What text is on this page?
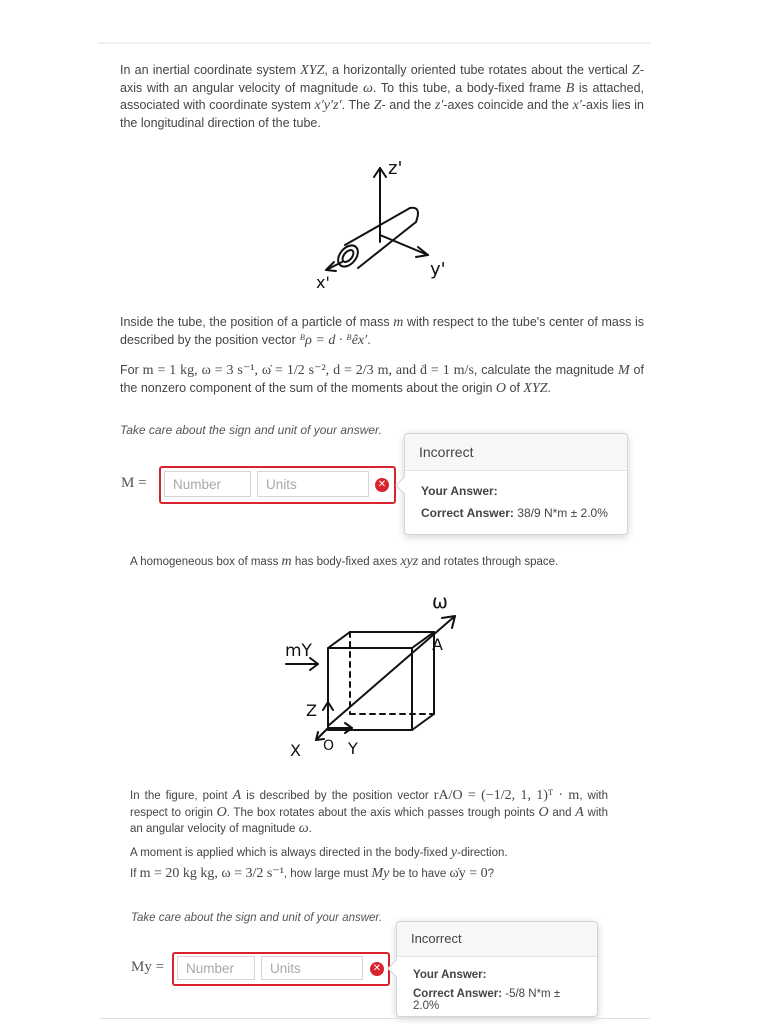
In an inertial coordinate system XYZ, a horizontally oriented tube rotates about the vertical Z-axis with an angular velocity of magnitude ω. To this tube, a body-fixed frame B is attached, associated with coordinate system x′y′z′. The Z- and the z′-axes coincide and the x′-axis lies in the longitudinal direction of the tube.

z'
y'
x'

Inside the tube, the position of a particle of mass m with respect to the tube's center of mass is described by the position vector ᴮρ = d · ᴮêx′.

For m = 1 kg, ω = 3 s⁻¹, ω̇ = 1/2 s⁻², d = 2/3 m, and ḋ = 1 m/s, calculate the magnitude M of the nonzero component of the sum of the moments about the origin O of XYZ.

Take care about the sign and unit of your answer.
M =	Number	Units	✕
Incorrect
Your Answer:
Correct Answer: 38/9 N*m ± 2.0%

A homogeneous box of mass m has body-fixed axes xyz and rotates through space.

ω
A
mY
Z
X O Y

In the figure, point A is described by the position vector rA/O = (−1/2, 1, 1)ᵀ · m, with respect to origin O. The box rotates about the axis which passes trough points O and A with an angular velocity of magnitude ω.

A moment is applied which is always directed in the body-fixed y-direction.

If m = 20 kg kg, ω = 3/2 s⁻¹, how large must My be to have ω̇y = 0?

Take care about the sign and unit of your answer.
My =	Number	Units	✕
Incorrect
Your Answer:
Correct Answer: -5/8 N*m ± 2.0%
